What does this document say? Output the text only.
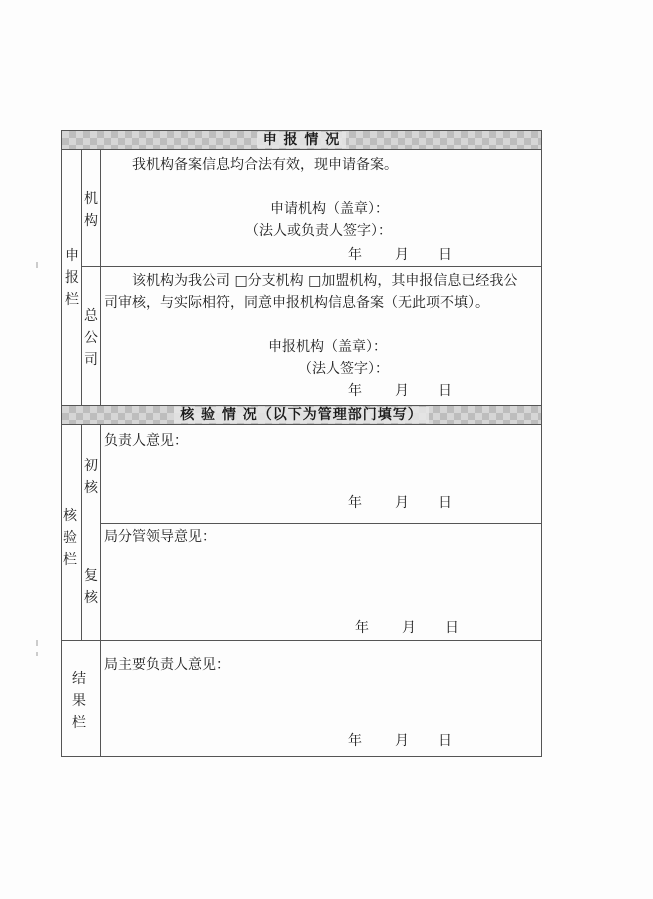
申 报 情 况
申报栏
机构
我机构备案信息均合法有效，现申请备案。
申请机构（盖章）：
（法人或负责人签字）：
年 月 日
总公司
该机构为我公司 □分支机构 □加盟机构，其申报信息已经我公
司审核，与实际相符，同意申报机构信息备案（无此项不填）。
申报机构（盖章）：
（法人签字）：
年 月 日
核 验 情 况（以下为管理部门填写）
核验栏
初核
负责人意见：
年 月 日
复核
局分管领导意见：
年 月 日
结果栏
局主要负责人意见：
年 月 日
